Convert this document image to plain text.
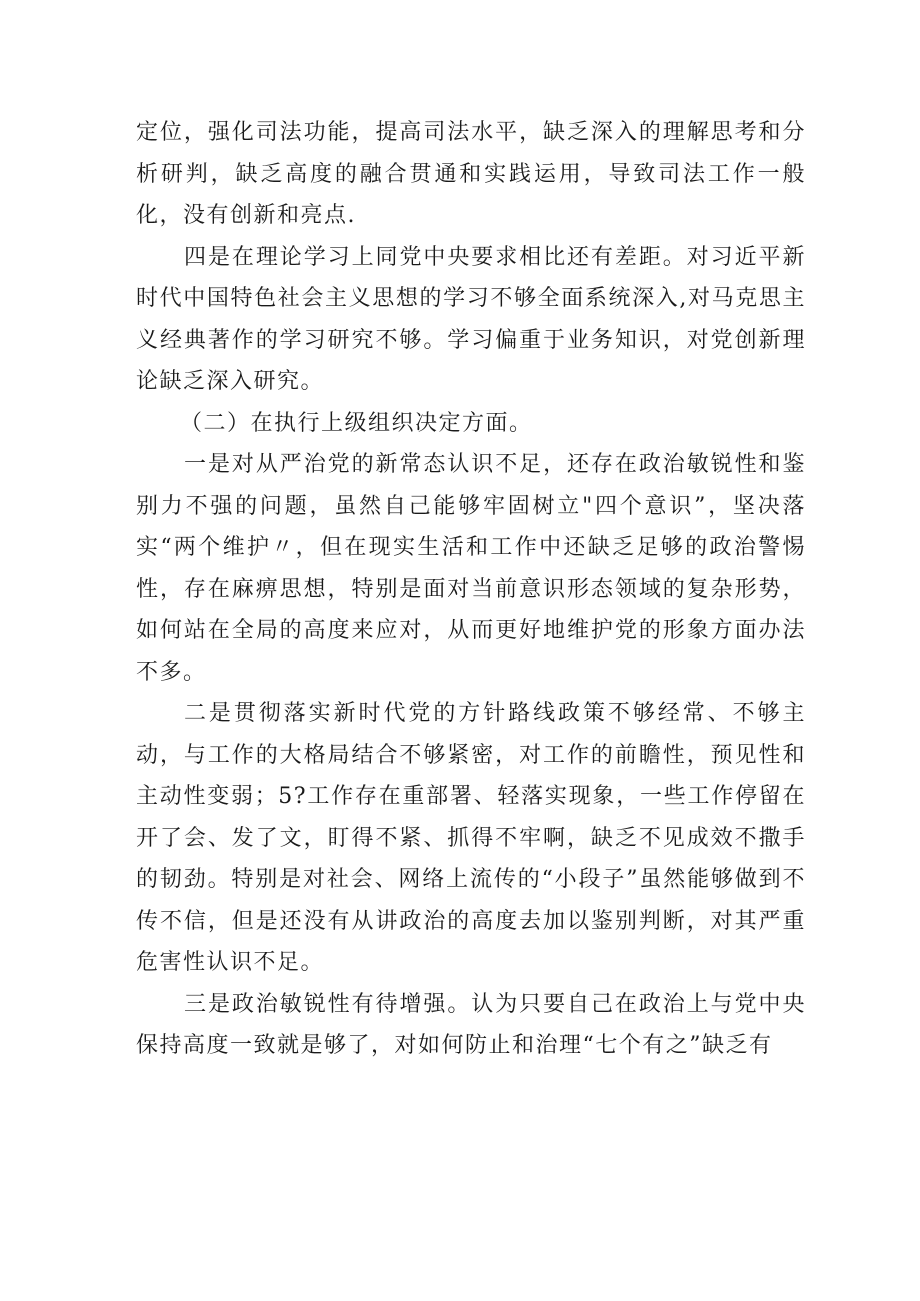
定位，强化司法功能，提高司法水平，缺乏深入的理解思考和分析研判，缺乏高度的融合贯通和实践运用，导致司法工作一般化，没有创新和亮点.

四是在理论学习上同党中央要求相比还有差距。对习近平新时代中国特色社会主义思想的学习不够全面系统深入,对马克思主义经典著作的学习研究不够。学习偏重于业务知识，对党创新理论缺乏深入研究。

（二）在执行上级组织决定方面。

一是对从严治党的新常态认识不足，还存在政治敏锐性和鉴别力不强的问题，虽然自己能够牢固树立"四个意识”，坚决落实“两个维护〃，但在现实生活和工作中还缺乏足够的政治警惕性，存在麻痹思想，特别是面对当前意识形态领域的复杂形势，如何站在全局的高度来应对，从而更好地维护党的形象方面办法不多。

二是贯彻落实新时代党的方针路线政策不够经常、不够主动，与工作的大格局结合不够紧密，对工作的前瞻性，预见性和主动性变弱；5?工作存在重部署、轻落实现象，一些工作停留在开了会、发了文，盯得不紧、抓得不牢啊，缺乏不见成效不撒手的韧劲。特别是对社会、网络上流传的“小段子”虽然能够做到不传不信，但是还没有从讲政治的高度去加以鉴别判断，对其严重危害性认识不足。

三是政治敏锐性有待增强。认为只要自己在政治上与党中央保持高度一致就是够了，对如何防止和治理“七个有之”缺乏有
